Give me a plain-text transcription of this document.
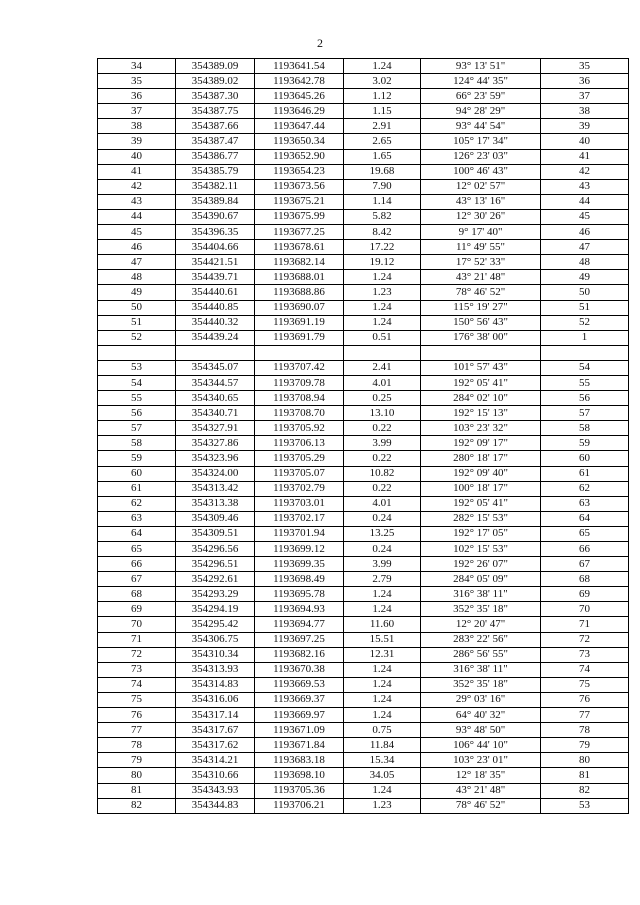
2
34	354389.09	1193641.54	1.24	93° 13' 51"	35
35	354389.02	1193642.78	3.02	124° 44' 35"	36
36	354387.30	1193645.26	1.12	66° 23' 59"	37
37	354387.75	1193646.29	1.15	94° 28' 29"	38
38	354387.66	1193647.44	2.91	93° 44' 54"	39
39	354387.47	1193650.34	2.65	105° 17' 34"	40
40	354386.77	1193652.90	1.65	126° 23' 03"	41
41	354385.79	1193654.23	19.68	100° 46' 43"	42
42	354382.11	1193673.56	7.90	12° 02' 57"	43
43	354389.84	1193675.21	1.14	43° 13' 16"	44
44	354390.67	1193675.99	5.82	12° 30' 26"	45
45	354396.35	1193677.25	8.42	9° 17' 40"	46
46	354404.66	1193678.61	17.22	11° 49' 55"	47
47	354421.51	1193682.14	19.12	17° 52' 33"	48
48	354439.71	1193688.01	1.24	43° 21' 48"	49
49	354440.61	1193688.86	1.23	78° 46' 52"	50
50	354440.85	1193690.07	1.24	115° 19' 27"	51
51	354440.32	1193691.19	1.24	150° 56' 43"	52
52	354439.24	1193691.79	0.51	176° 38' 00"	1

53	354345.07	1193707.42	2.41	101° 57' 43"	54
54	354344.57	1193709.78	4.01	192° 05' 41"	55
55	354340.65	1193708.94	0.25	284° 02' 10"	56
56	354340.71	1193708.70	13.10	192° 15' 13"	57
57	354327.91	1193705.92	0.22	103° 23' 32"	58
58	354327.86	1193706.13	3.99	192° 09' 17"	59
59	354323.96	1193705.29	0.22	280° 18' 17"	60
60	354324.00	1193705.07	10.82	192° 09' 40"	61
61	354313.42	1193702.79	0.22	100° 18' 17"	62
62	354313.38	1193703.01	4.01	192° 05' 41"	63
63	354309.46	1193702.17	0.24	282° 15' 53"	64
64	354309.51	1193701.94	13.25	192° 17' 05"	65
65	354296.56	1193699.12	0.24	102° 15' 53"	66
66	354296.51	1193699.35	3.99	192° 26' 07"	67
67	354292.61	1193698.49	2.79	284° 05' 09"	68
68	354293.29	1193695.78	1.24	316° 38' 11"	69
69	354294.19	1193694.93	1.24	352° 35' 18"	70
70	354295.42	1193694.77	11.60	12° 20' 47"	71
71	354306.75	1193697.25	15.51	283° 22' 56"	72
72	354310.34	1193682.16	12.31	286° 56' 55"	73
73	354313.93	1193670.38	1.24	316° 38' 11"	74
74	354314.83	1193669.53	1.24	352° 35' 18"	75
75	354316.06	1193669.37	1.24	29° 03' 16"	76
76	354317.14	1193669.97	1.24	64° 40' 32"	77
77	354317.67	1193671.09	0.75	93° 48' 50"	78
78	354317.62	1193671.84	11.84	106° 44' 10"	79
79	354314.21	1193683.18	15.34	103° 23' 01"	80
80	354310.66	1193698.10	34.05	12° 18' 35"	81
81	354343.93	1193705.36	1.24	43° 21' 48"	82
82	354344.83	1193706.21	1.23	78° 46' 52"	53
